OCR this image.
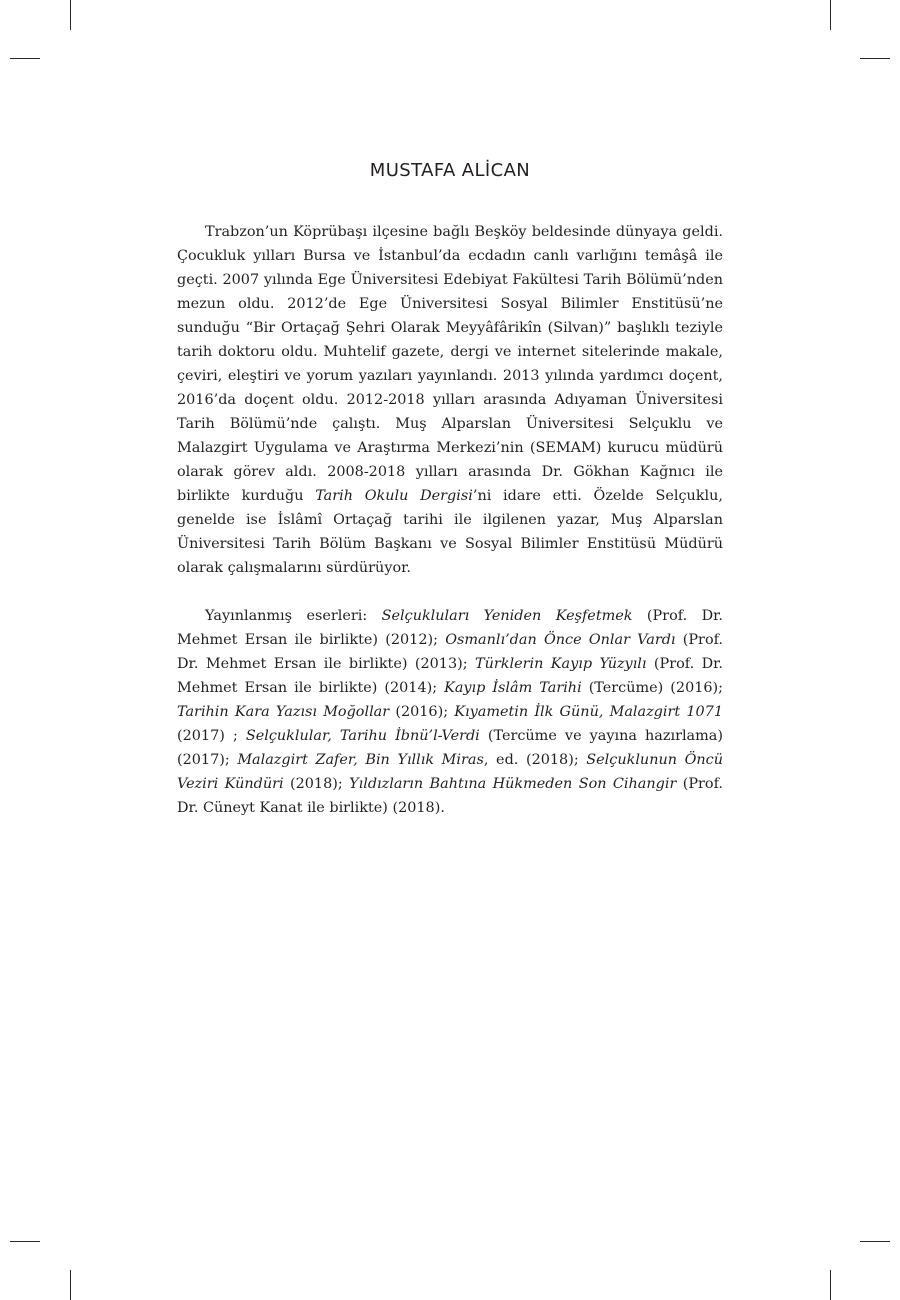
MUSTAFA ALİCAN

Trabzon’un Köprübaşı ilçesine bağlı Beşköy beldesinde dünyaya geldi. Çocukluk yılları Bursa ve İstanbul’da ecdadın canlı varlığını temâşâ ile geçti. 2007 yılında Ege Üniversitesi Edebiyat Fakültesi Tarih Bölümü’nden mezun oldu. 2012’de Ege Üniversitesi Sosyal Bilimler Enstitüsü’ne sunduğu “Bir Ortaçağ Şehri Olarak Meyyâfârikîn (Silvan)” başlıklı teziyle tarih doktoru oldu. Muhtelif gazete, dergi ve internet sitelerinde makale, çeviri, eleştiri ve yorum yazıları yayınlandı. 2013 yılında yardımcı doçent, 2016’da doçent oldu. 2012-2018 yılları arasında Adıyaman Üniversitesi Tarih Bölümü’nde çalıştı. Muş Alparslan Üniversitesi Selçuklu ve Malazgirt Uygulama ve Araştırma Merkezi’nin (SEMAM) kurucu müdürü olarak görev aldı. 2008-2018 yılları arasında Dr. Gökhan Kağnıcı ile birlikte kurduğu Tarih Okulu Dergisi’ni idare etti. Özelde Selçuklu, genelde ise İslâmî Ortaçağ tarihi ile ilgilenen yazar, Muş Alparslan Üniversitesi Tarih Bölüm Başkanı ve Sosyal Bilimler Enstitüsü Müdürü olarak çalışmalarını sürdürüyor.

Yayınlanmış eserleri: Selçukluları Yeniden Keşfetmek (Prof. Dr. Mehmet Ersan ile birlikte) (2012); Osmanlı’dan Önce Onlar Vardı (Prof. Dr. Mehmet Ersan ile birlikte) (2013); Türklerin Kayıp Yüzyılı (Prof. Dr. Mehmet Ersan ile birlikte) (2014); Kayıp İslâm Tarihi (Tercüme) (2016); Tarihin Kara Yazısı Moğollar (2016); Kıyametin İlk Günü, Malazgirt 1071 (2017) ; Selçuklular, Tarihu İbnü’l-Verdi (Tercüme ve yayına hazırlama) (2017); Malazgirt Zafer, Bin Yıllık Miras, ed. (2018); Selçuklunun Öncü Veziri Kündüri (2018); Yıldızların Bahtına Hükmeden Son Cihangir (Prof. Dr. Cüneyt Kanat ile birlikte) (2018).
